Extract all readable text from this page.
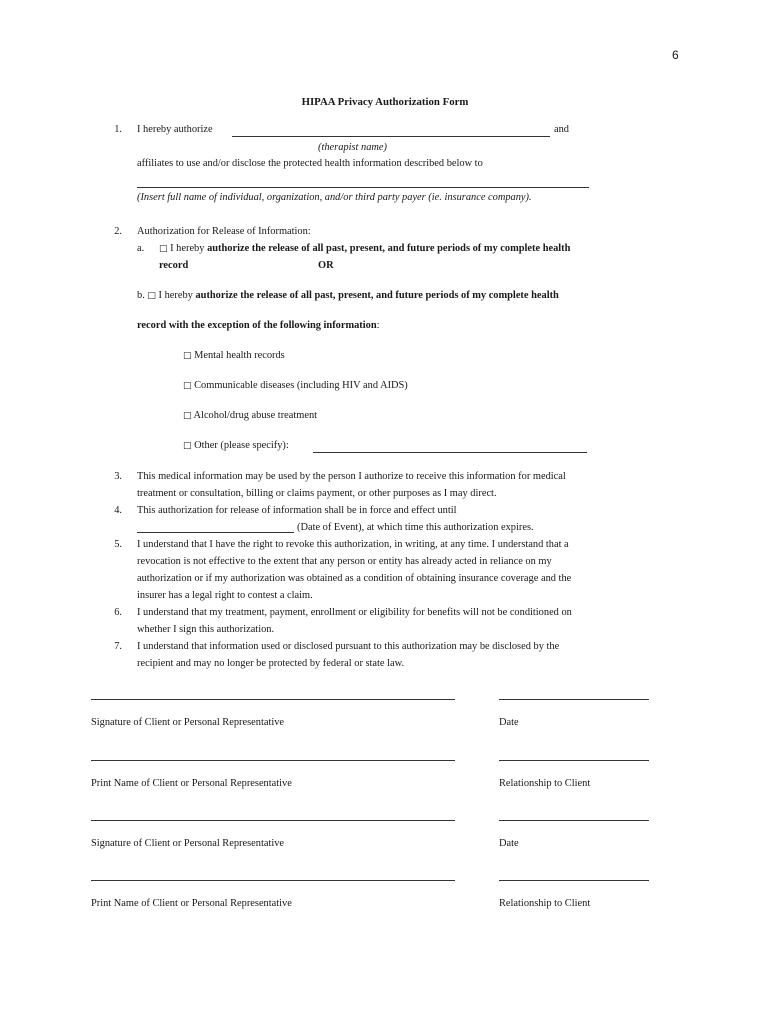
6
HIPAA Privacy Authorization Form
1. I hereby authorize	and
(therapist name)
affiliates to use and/or disclose the protected health information described below to
(Insert full name of individual, organization, and/or third party payer (ie. insurance company).
2. Authorization for Release of Information:
a. □ I hereby authorize the release of all past, present, and future periods of my complete health
record	OR
b. □ I hereby authorize the release of all past, present, and future periods of my complete health
record with the exception of the following information:
□ Mental health records
□ Communicable diseases (including HIV and AIDS)
□ Alcohol/drug abuse treatment
□ Other (please specify):
3. This medical information may be used by the person I authorize to receive this information for medical
treatment or consultation, billing or claims payment, or other purposes as I may direct.
4. This authorization for release of information shall be in force and effect until
(Date of Event), at which time this authorization expires.
5. I understand that I have the right to revoke this authorization, in writing, at any time. I understand that a
revocation is not effective to the extent that any person or entity has already acted in reliance on my
authorization or if my authorization was obtained as a condition of obtaining insurance coverage and the
insurer has a legal right to contest a claim.
6. I understand that my treatment, payment, enrollment or eligibility for benefits will not be conditioned on
whether I sign this authorization.
7. I understand that information used or disclosed pursuant to this authorization may be disclosed by the
recipient and may no longer be protected by federal or state law.
Signature of Client or Personal Representative	Date
Print Name of Client or Personal Representative	Relationship to Client
Signature of Client or Personal Representative	Date
Print Name of Client or Personal Representative	Relationship to Client
